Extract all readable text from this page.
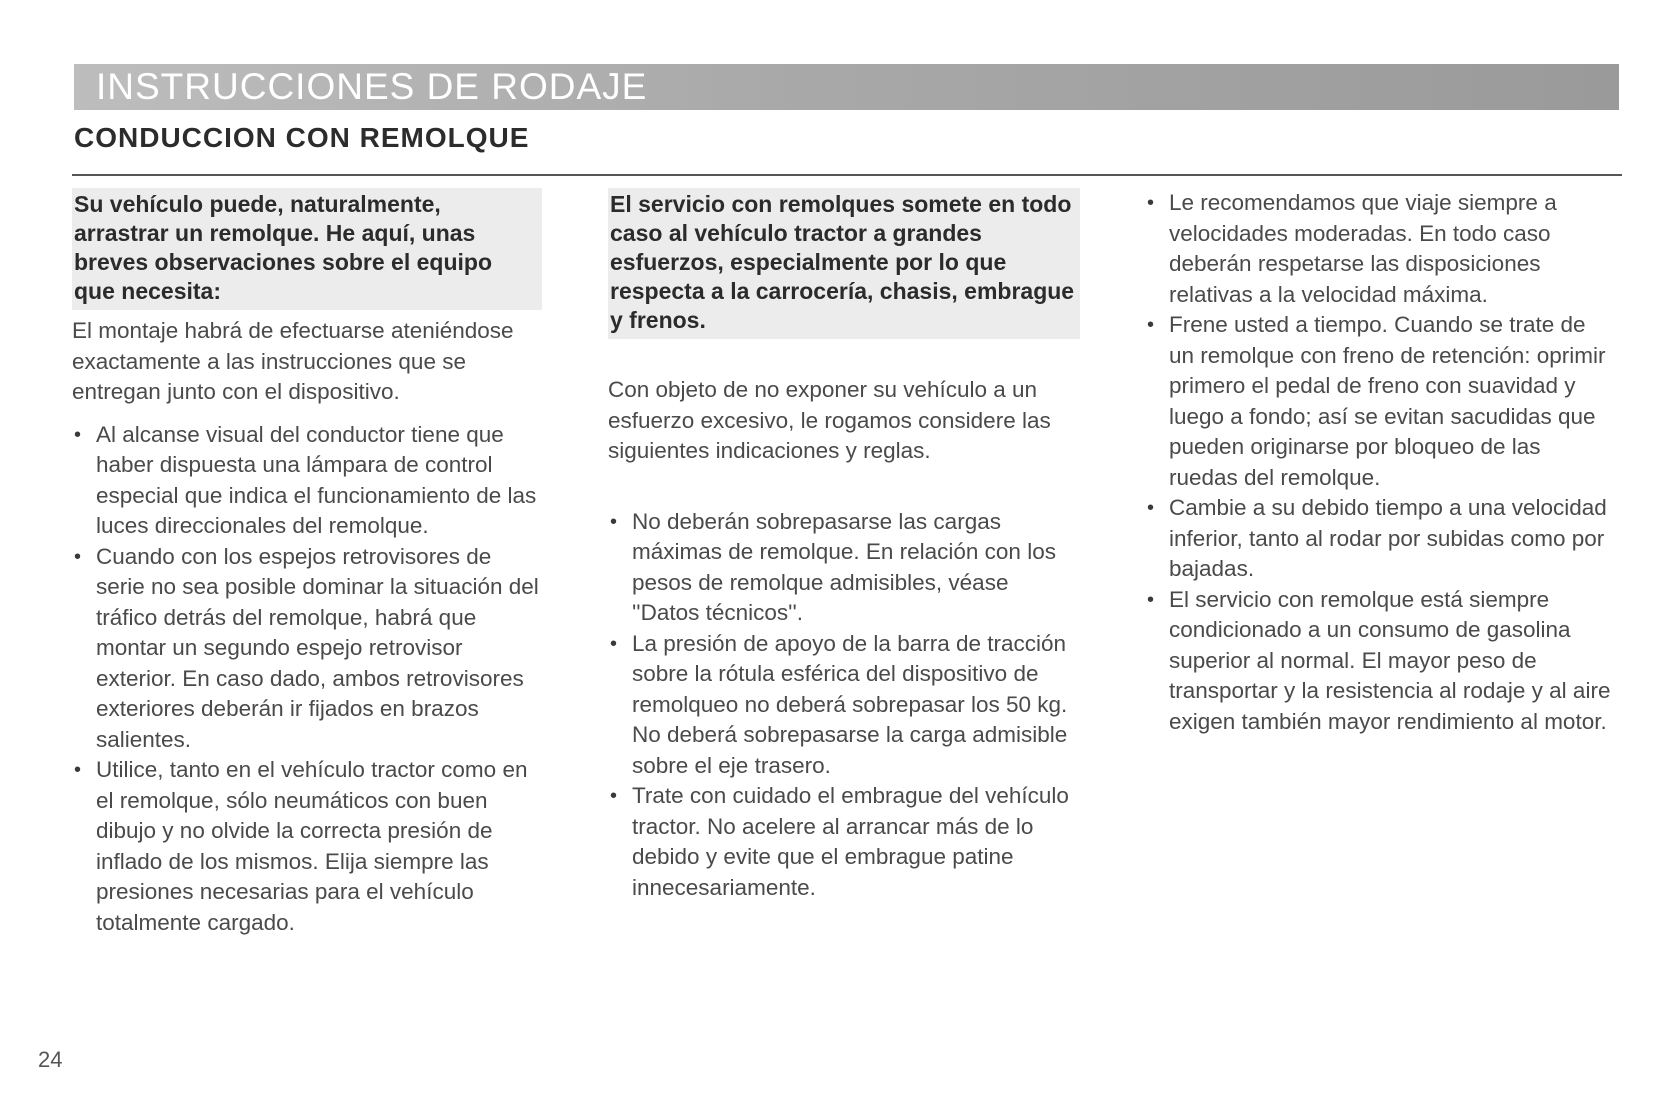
INSTRUCCIONES DE RODAJE
CONDUCCION CON REMOLQUE
Su vehículo puede, naturalmente, arrastrar un remolque. He aquí, unas breves observaciones sobre el equipo que necesita:
El montaje habrá de efectuarse ateniéndose exactamente a las instrucciones que se entregan junto con el dispositivo.
• Al alcanse visual del conductor tiene que haber dispuesta una lámpara de control especial que indica el funcionamiento de las luces direccionales del remolque.
• Cuando con los espejos retrovisores de serie no sea posible dominar la situación del tráfico detrás del remolque, habrá que montar un segundo espejo retrovisor exterior. En caso dado, ambos retrovisores exteriores deberán ir fijados en brazos salientes.
• Utilice, tanto en el vehículo tractor como en el remolque, sólo neumáticos con buen dibujo y no olvide la correcta presión de inflado de los mismos. Elija siempre las presiones necesarias para el vehículo totalmente cargado.
El servicio con remolques somete en todo caso al vehículo tractor a grandes esfuerzos, especialmente por lo que respecta a la carrocería, chasis, embrague y frenos.
Con objeto de no exponer su vehículo a un esfuerzo excesivo, le rogamos considere las siguientes indicaciones y reglas.
• No deberán sobrepasarse las cargas máximas de remolque. En relación con los pesos de remolque admisibles, véase ''Datos técnicos''.
• La presión de apoyo de la barra de tracción sobre la rótula esférica del dispositivo de remolqueo no deberá sobrepasar los 50 kg. No deberá sobrepasarse la carga admisible sobre el eje trasero.
• Trate con cuidado el embrague del vehículo tractor. No acelere al arrancar más de lo debido y evite que el embrague patine innecesariamente.
• Le recomendamos que viaje siempre a velocidades moderadas. En todo caso deberán respetarse las disposiciones relativas a la velocidad máxima.
• Frene usted a tiempo. Cuando se trate de un remolque con freno de retención: oprimir primero el pedal de freno con suavidad y luego a fondo; así se evitan sacudidas que pueden originarse por bloqueo de las ruedas del remolque.
• Cambie a su debido tiempo a una velocidad inferior, tanto al rodar por subidas como por bajadas.
• El servicio con remolque está siempre condicionado a un consumo de gasolina superior al normal. El mayor peso de transportar y la resistencia al rodaje y al aire exigen también mayor rendimiento al motor.
24
